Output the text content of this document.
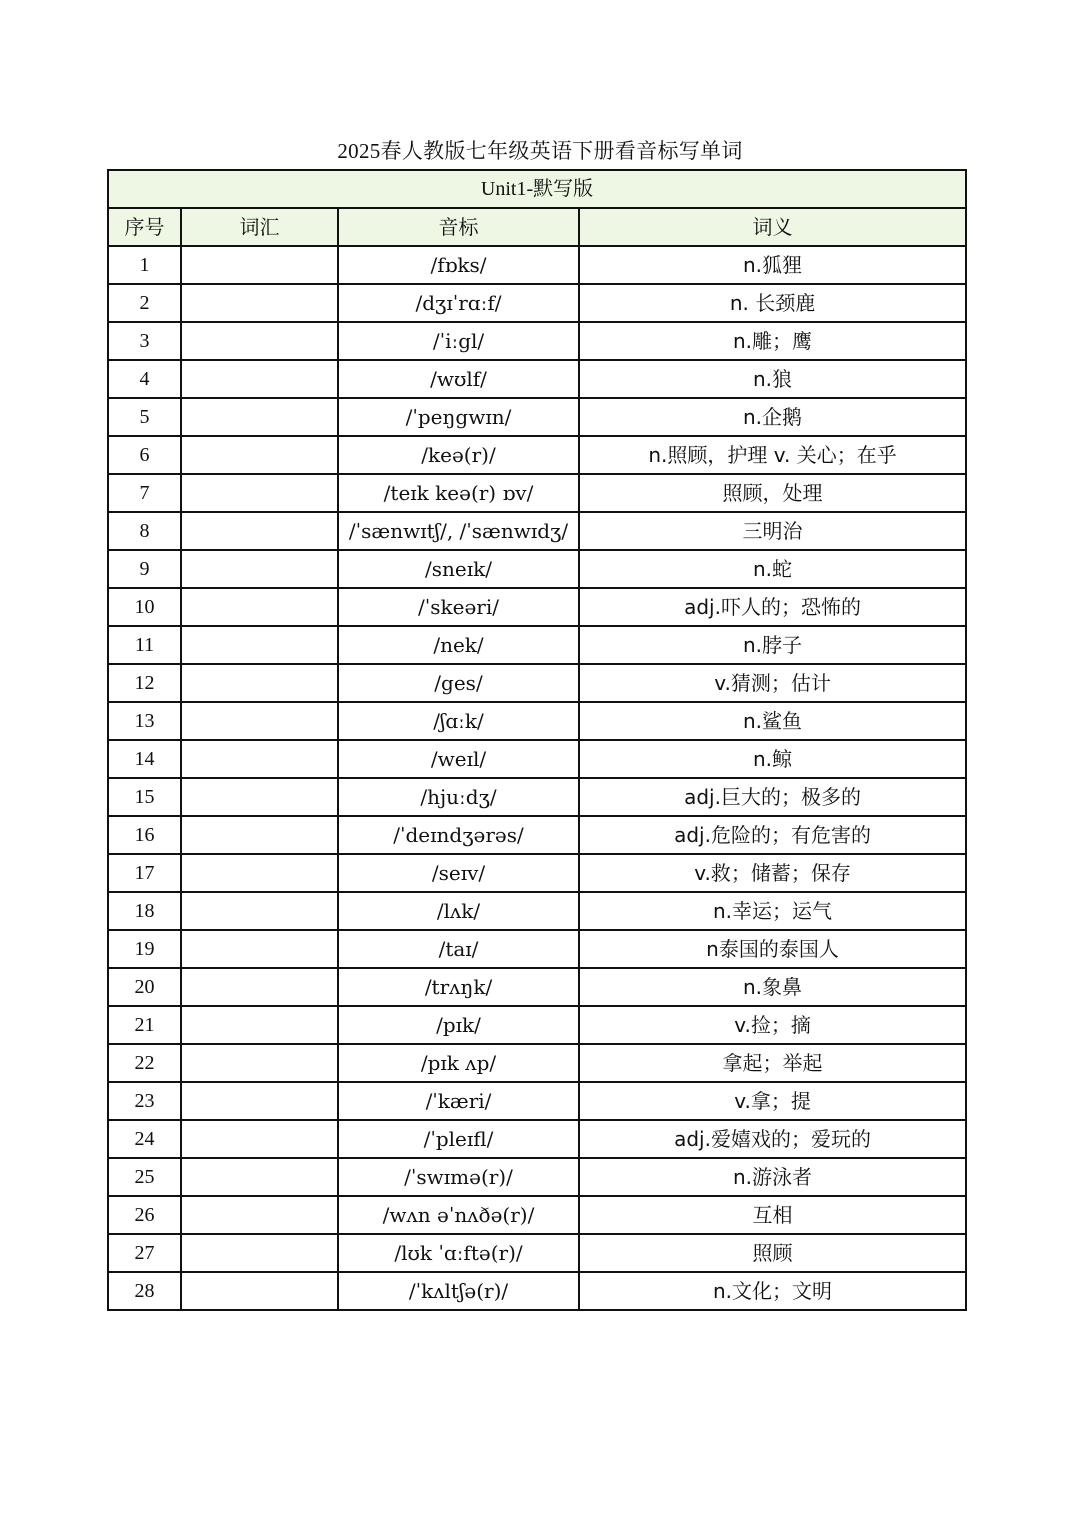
2025春人教版七年级英语下册看音标写单词
Unit1-默写版			
序号	词汇	音标	词义
1		/fɒks/	n.狐狸
2		/dʒɪˈrɑːf/	n. 长颈鹿
3		/ˈiːgl/	n.雕；鹰
4		/wʊlf/	n.狼
5		/ˈpeŋgwɪn/	n.企鹅
6		/keə(r)/	n.照顾，护理 v. 关心；在乎
7		/teɪk keə(r) ɒv/	照顾，处理
8		/ˈsænwɪtʃ/, /ˈsænwɪdʒ/	三明治
9		/sneɪk/	n.蛇
10		/ˈskeəri/	adj.吓人的；恐怖的
11		/nek/	n.脖子
12		/ges/	v.猜测；估计
13		/ʃɑːk/	n.鲨鱼
14		/weɪl/	n.鲸
15		/hjuːdʒ/	adj.巨大的；极多的
16		/ˈdeɪndʒərəs/	adj.危险的；有危害的
17		/seɪv/	v.救；储蓄；保存
18		/lʌk/	n.幸运；运气
19		/taɪ/	n泰国的泰国人
20		/trʌŋk/	n.象鼻
21		/pɪk/	v.捡；摘
22		/pɪk ʌp/	拿起；举起
23		/ˈkæri/	v.拿；提
24		/ˈpleɪfl/	adj.爱嬉戏的；爱玩的
25		/ˈswɪmə(r)/	n.游泳者
26		/wʌn əˈnʌðə(r)/	互相
27		/lʊk ˈɑːftə(r)/	照顾
28		/ˈkʌltʃə(r)/	n.文化；文明
